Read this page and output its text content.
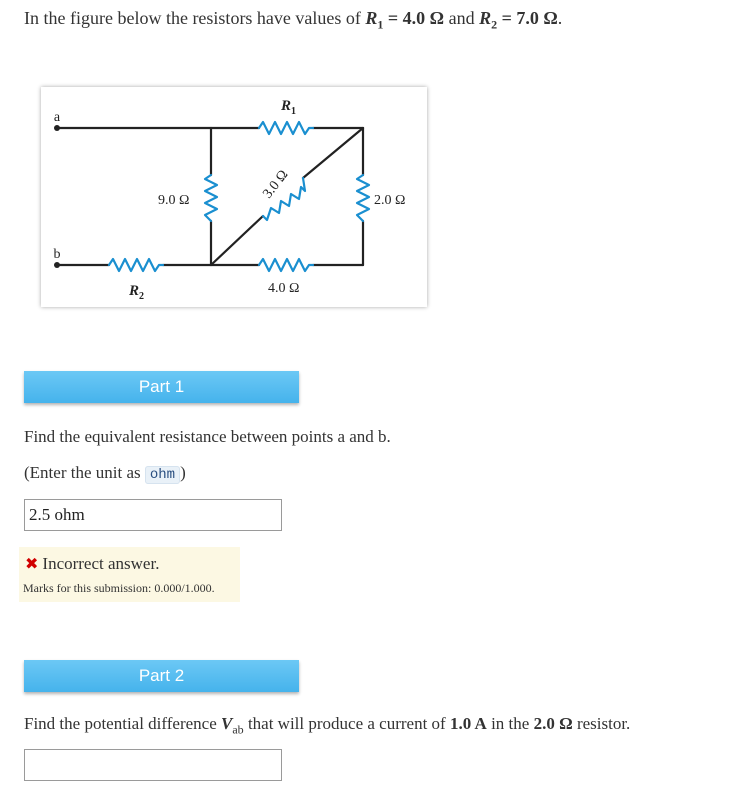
In the figure below the resistors have values of $R_1 = 4.0$ Ω and $R_2 = 7.0$ Ω.
a
b
$R_1$
$R_2$
9.0 Ω	2.0 Ω
4.0 Ω
3.0 Ω
Part 1
Find the equivalent resistance between points a and b.
(Enter the unit as ohm )
2.5 ohm
✖ Incorrect answer.
Marks for this submission: 0.000/1.000.
Part 2
Find the potential difference $V_{ab}$ that will produce a current of 1.0 A in the 2.0 Ω resistor.
